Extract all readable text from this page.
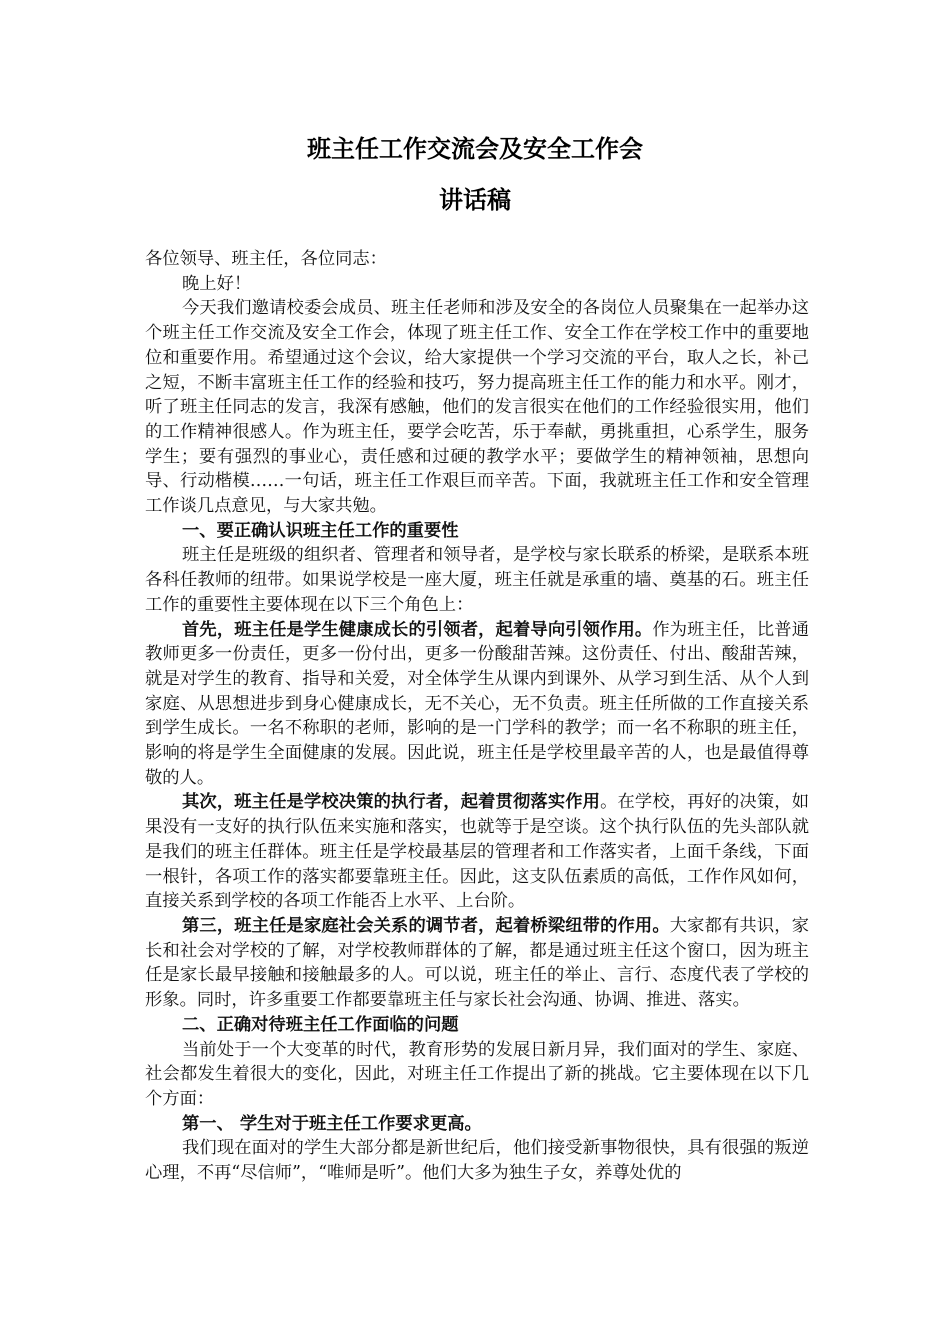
班主任工作交流会及安全工作会
讲话稿

各位领导、班主任，各位同志：

晚上好！

今天我们邀请校委会成员、班主任老师和涉及安全的各岗位人员聚集在一起举办这个班主任工作交流及安全工作会，体现了班主任工作、安全工作在学校工作中的重要地位和重要作用。希望通过这个会议，给大家提供一个学习交流的平台，取人之长，补己之短，不断丰富班主任工作的经验和技巧，努力提高班主任工作的能力和水平。刚才，听了班主任同志的发言，我深有感触，他们的发言很实在他们的工作经验很实用，他们的工作精神很感人。作为班主任，要学会吃苦，乐于奉献，勇挑重担，心系学生，服务学生；要有强烈的事业心，责任感和过硬的教学水平；要做学生的精神领袖，思想向导、行动楷模……一句话，班主任工作艰巨而辛苦。下面，我就班主任工作和安全管理工作谈几点意见，与大家共勉。

一、要正确认识班主任工作的重要性

班主任是班级的组织者、管理者和领导者，是学校与家长联系的桥梁，是联系本班各科任教师的纽带。如果说学校是一座大厦，班主任就是承重的墙、奠基的石。班主任工作的重要性主要体现在以下三个角色上：

首先，班主任是学生健康成长的引领者，起着导向引领作用。作为班主任，比普通教师更多一份责任，更多一份付出，更多一份酸甜苦辣。这份责任、付出、酸甜苦辣，就是对学生的教育、指导和关爱，对全体学生从课内到课外、从学习到生活、从个人到家庭、从思想进步到身心健康成长，无不关心，无不负责。班主任所做的工作直接关系到学生成长。一名不称职的老师，影响的是一门学科的教学；而一名不称职的班主任，影响的将是学生全面健康的发展。因此说，班主任是学校里最辛苦的人，也是最值得尊敬的人。

其次，班主任是学校决策的执行者，起着贯彻落实作用。在学校，再好的决策，如果没有一支好的执行队伍来实施和落实，也就等于是空谈。这个执行队伍的先头部队就是我们的班主任群体。班主任是学校最基层的管理者和工作落实者，上面千条线，下面一根针，各项工作的落实都要靠班主任。因此，这支队伍素质的高低，工作作风如何，直接关系到学校的各项工作能否上水平、上台阶。

第三，班主任是家庭社会关系的调节者，起着桥梁纽带的作用。大家都有共识，家长和社会对学校的了解，对学校教师群体的了解，都是通过班主任这个窗口，因为班主任是家长最早接触和接触最多的人。可以说，班主任的举止、言行、态度代表了学校的形象。同时，许多重要工作都要靠班主任与家长社会沟通、协调、推进、落实。

二、正确对待班主任工作面临的问题

当前处于一个大变革的时代，教育形势的发展日新月异，我们面对的学生、家庭、社会都发生着很大的变化，因此，对班主任工作提出了新的挑战。它主要体现在以下几个方面：

第一、 学生对于班主任工作要求更高。

我们现在面对的学生大部分都是新世纪后，他们接受新事物很快，具有很强的叛逆心理，不再“尽信师”，“唯师是听”。他们大多为独生子女，养尊处优的
